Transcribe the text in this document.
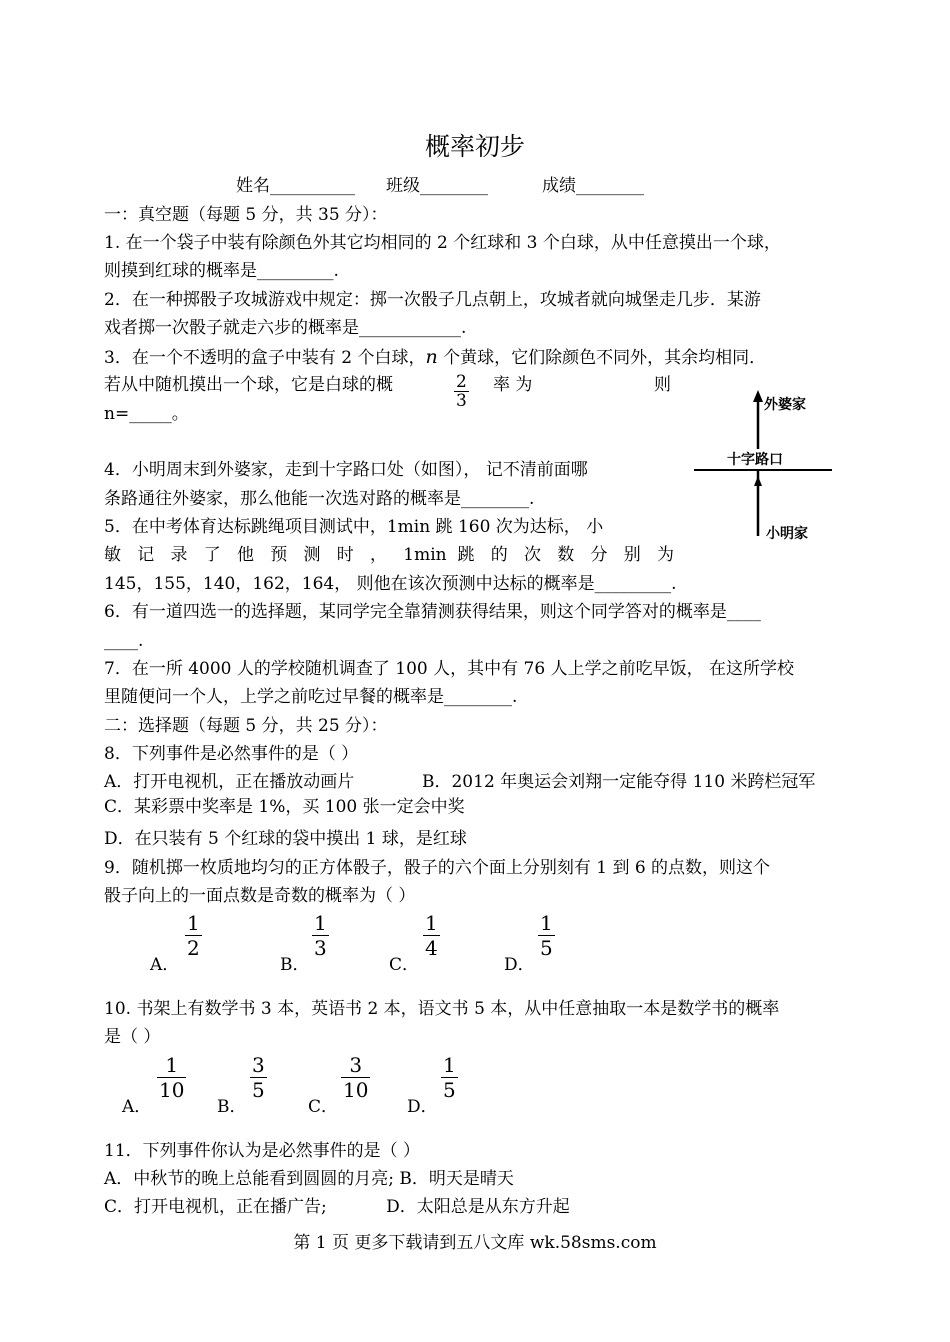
概率初步
姓名__________ 班级________	成绩________
一：真空题（每题 5 分，共 35 分）：
1. 在一个袋子中装有除颜色外其它均相同的 2 个红球和 3 个白球，从中任意摸出一个球，
则摸到红球的概率是_________.
2．在一种掷骰子攻城游戏中规定：掷一次骰子几点朝上，攻城者就向城堡走几步．某游
戏者掷一次骰子就走六步的概率是____________.
3．在一个不透明的盒子中装有 2 个白球，n 个黄球，它们除颜色不同外，其余均相同．
若从中随机摸出一个球，它是白球的概	2
3
率 为	则
n=_____。	外婆家
十字路口
小明家
4．小明周末到外婆家，走到十字路口处（如图）， 记不清前面哪
条路通往外婆家，那么他能一次选对路的概率是________.
5．在中考体育达标跳绳项目测试中，1min 跳 160 次为达标， 小
敏 记 录 了 他 预 测 时 ， 1min 跳 的 次 数 分 别 为
145，155，140，162，164， 则他在该次预测中达标的概率是_________.
6．有一道四选一的选择题，某同学完全靠猜测获得结果，则这个同学答对的概率是____
____.
7．在一所 4000 人的学校随机调查了 100 人，其中有 76 人上学之前吃早饭， 在这所学校
里随便问一个人，上学之前吃过早餐的概率是________.
二：选择题（每题 5 分，共 25 分）：
8．下列事件是必然事件的是（ ）
A．打开电视机，正在播放动画片	B．2012 年奥运会刘翔一定能夺得 110 米跨栏冠军
C．某彩票中奖率是 1%，买 100 张一定会中奖
D．在只装有 5 个红球的袋中摸出 1 球，是红球
9．随机掷一枚质地均匀的正方体骰子，骰子的六个面上分别刻有 1 到 6 的点数，则这个
骰子向上的一面点数是奇数的概率为（ ）
A．
1
2
B．
1
3
C．
1
4
D．
1
5
10. 书架上有数学书 3 本，英语书 2 本，语文书 5 本，从中任意抽取一本是数学书的概率
是（ ）
A．
1
10
B．
3
5
C．
3
10
D．
1
5
11．下列事件你认为是必然事件的是（ ）
A．中秋节的晚上总能看到圆圆的月亮; B．明天是晴天
C．打开电视机，正在播广告;           D．太阳总是从东方升起
第 1 页 更多下载请到五八文库 wk.58sms.com
